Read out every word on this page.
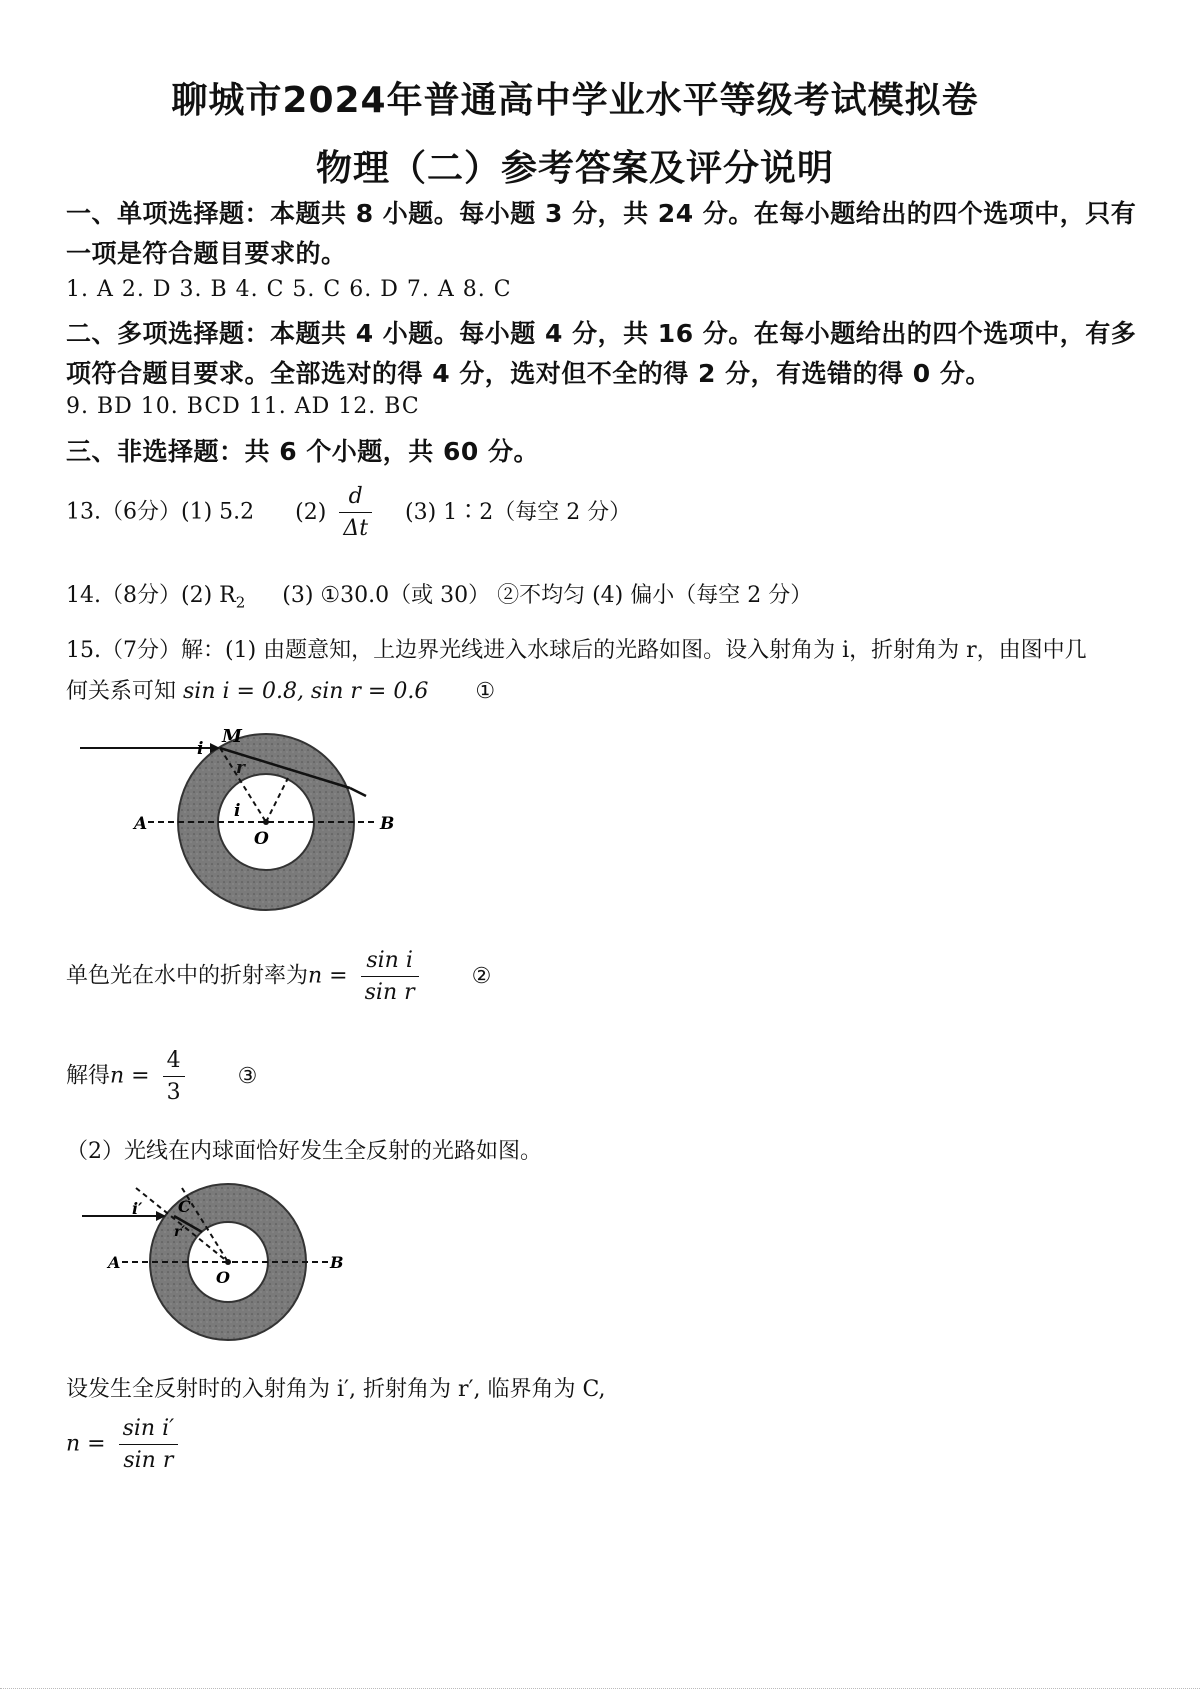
聊城市2024年普通高中学业水平等级考试模拟卷
物理（二）参考答案及评分说明
一、单项选择题：本题共 8 小题。每小题 3 分，共 24 分。在每小题给出的四个选项中，只有
一项是符合题目要求的。
1. A 2. D 3. B 4. C 5. C 6. D 7. A 8. C
二、多项选择题：本题共 4 小题。每小题 4 分，共 16 分。在每小题给出的四个选项中，有多
项符合题目要求。全部选对的得 4 分，选对但不全的得 2 分，有选错的得 0 分。
9. BD 10. BCD 11. AD 12. BC
三、非选择题：共 6 个小题，共 60 分。
13.（6分）(1) 5.2 $(2) \frac{d}{\Delta t} (3)$ 1∶2（每空 2 分）
14.（8分）(2) $R_2$ (3) ①30.0（或 30） ②不均匀 (4) 偏小（每空 2 分）
15.（7分）解：(1) 由题意知，上边界光线进入水球后的光路如图。设入射角为 i，折射角为 r，由图中几
何关系可知 sin i = 0.8, sin r = 0.6 ①
M
i
r
i
O
A	B
单色光在水中的折射率为$n = \frac{\text{sin i}}{\text{sin r}}$ ②
解得$n = \frac{4}{3}$ ③
（2）光线在内球面恰好发生全反射的光路如图。
i′ C
r′
O
A	B
设发生全反射时的入射角为 i′, 折射角为 r′, 临界角为 C,
$n = \frac{\text{sin i′}}{\text{sin r}}$
